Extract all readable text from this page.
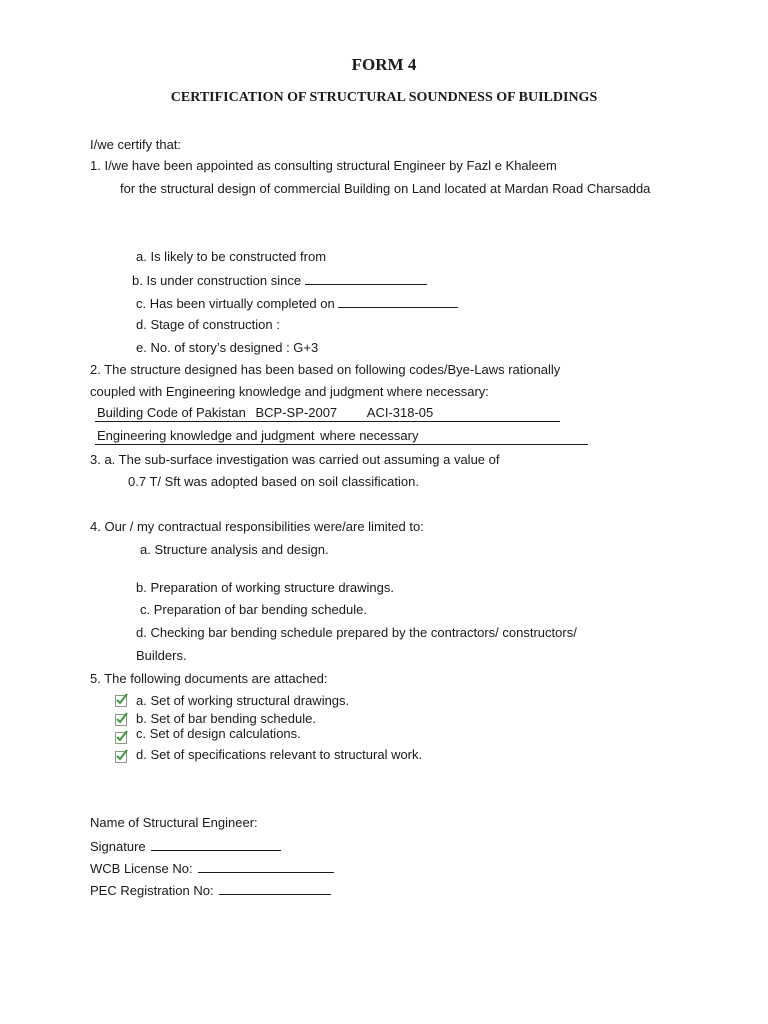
FORM 4
CERTIFICATION OF STRUCTURAL SOUNDNESS OF BUILDINGS
I/we certify that:
1. I/we have been appointed as consulting structural Engineer by Fazl e Khaleem
for the structural design of commercial Building on Land located at Mardan Road Charsadda
a. Is likely to be constructed from
b. Is under construction since
c. Has been virtually completed on
d. Stage of construction :
e. No. of story’s designed : G+3
2. The structure designed has been based on following codes/Bye-Laws rationally
coupled with Engineering knowledge and judgment where necessary:
Building Code of Pakistan BCP-SP-2007 ACI-318-05
Engineering knowledge and judgment where necessary
3. a. The sub-surface investigation was carried out assuming a value of
0.7 T/ Sft was adopted based on soil classification.
4. Our / my contractual responsibilities were/are limited to:
a. Structure analysis and design.
b. Preparation of working structure drawings.
c. Preparation of bar bending schedule.
d. Checking bar bending schedule prepared by the contractors/ constructors/
Builders.
5. The following documents are attached:
a. Set of working structural drawings.
b. Set of bar bending schedule.
c. Set of design calculations.
d. Set of specifications relevant to structural work.
Name of Structural Engineer:
Signature
WCB License No:
PEC Registration No:
